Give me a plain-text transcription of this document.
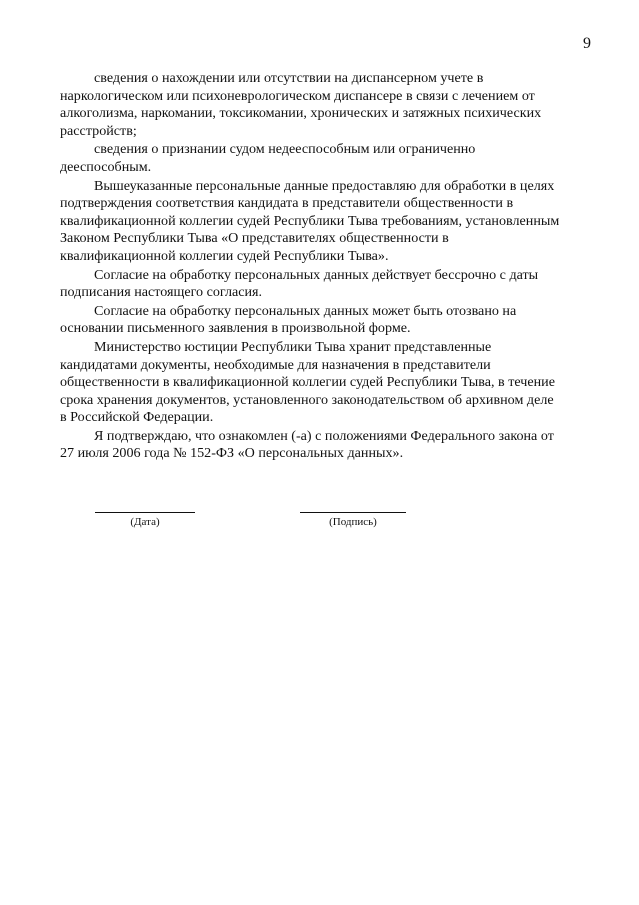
9

сведения о нахождении или отсутствии на диспансерном учете в
наркологическом или психоневрологическом диспансере в связи с лечением от
алкоголизма, наркомании, токсикомании, хронических и затяжных психических
расстройств;

сведения о признании судом недееспособным или ограниченно
дееспособным.

Вышеуказанные персональные данные предоставляю для обработки в целях
подтверждения соответствия кандидата в представители общественности в
квалификационной коллегии судей Республики Тыва требованиям, установленным
Законом Республики Тыва «О представителях общественности в
квалификационной коллегии судей Республики Тыва».

Согласие на обработку персональных данных действует бессрочно с даты
подписания настоящего согласия.

Согласие на обработку персональных данных может быть отозвано на
основании письменного заявления в произвольной форме.

Министерство юстиции Республики Тыва хранит представленные
кандидатами документы, необходимые для назначения в представители
общественности в квалификационной коллегии судей Республики Тыва, в течение
срока хранения документов, установленного законодательством об архивном деле
в Российской Федерации.

Я подтверждаю, что ознакомлен (-а) с положениями Федерального закона от
27 июля 2006 года № 152-ФЗ «О персональных данных».

(Дата)	(Подпись)
